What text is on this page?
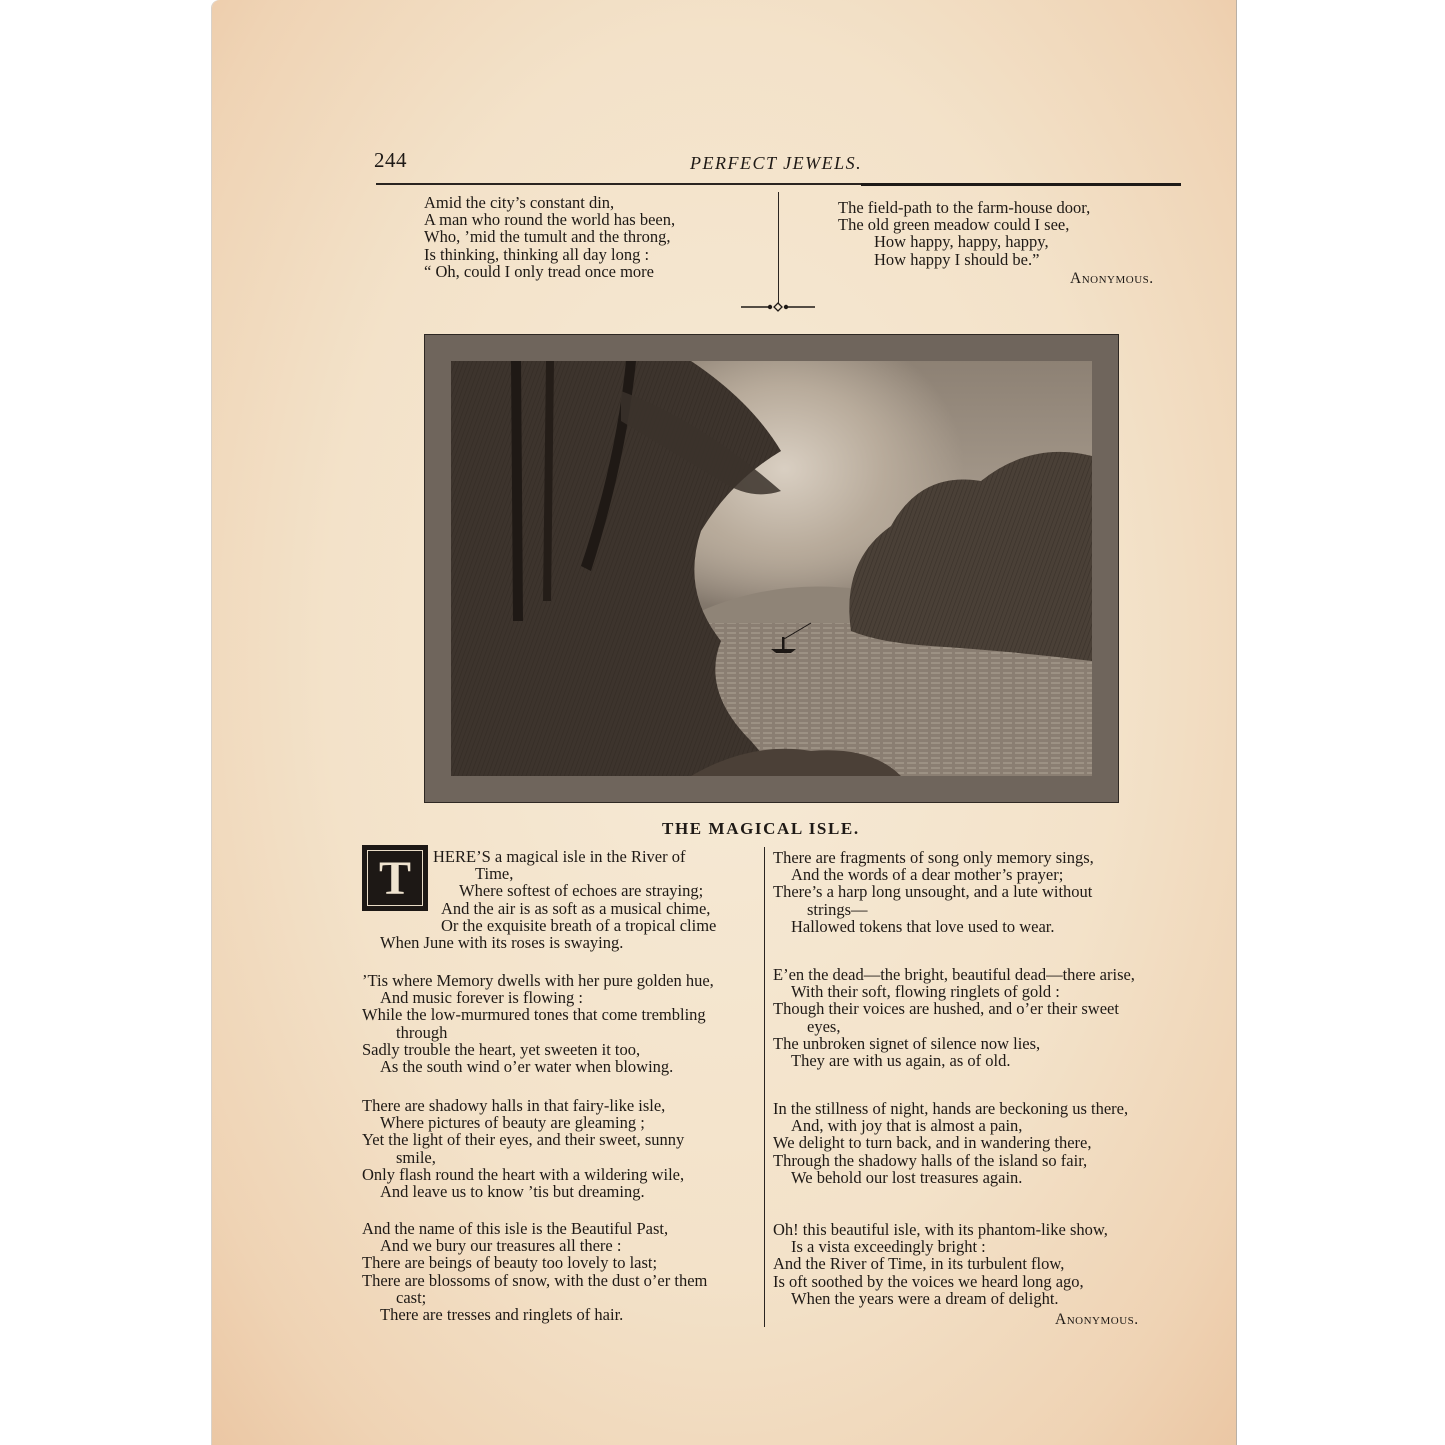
244	PERFECT JEWELS.
Amid the city’s constant din,
A man who round the world has been,
Who, ’mid the tumult and the throng,
Is thinking, thinking all day long :
“ Oh, could I only tread once more
The field-path to the farm-house door,
The old green meadow could I see,
How happy, happy, happy,
How happy I should be.”
Anonymous.
THE MAGICAL ISLE.
T	HERE’S a magical isle in the River of
Time,
Where softest of echoes are straying;
And the air is as soft as a musical chime,
Or the exquisite breath of a tropical clime
When June with its roses is swaying.
’Tis where Memory dwells with her pure golden hue,
And music forever is flowing :
While the low-murmured tones that come trembling
through
Sadly trouble the heart, yet sweeten it too,
As the south wind o’er water when blowing.
There are shadowy halls in that fairy-like isle,
Where pictures of beauty are gleaming ;
Yet the light of their eyes, and their sweet, sunny
smile,
Only flash round the heart with a wildering wile,
And leave us to know ’tis but dreaming.
And the name of this isle is the Beautiful Past,
And we bury our treasures all there :
There are beings of beauty too lovely to last;
There are blossoms of snow, with the dust o’er them
cast;
There are tresses and ringlets of hair.
There are fragments of song only memory sings,
And the words of a dear mother’s prayer;
There’s a harp long unsought, and a lute without
strings—
Hallowed tokens that love used to wear.
E’en the dead—the bright, beautiful dead—there arise,
With their soft, flowing ringlets of gold :
Though their voices are hushed, and o’er their sweet
eyes,
The unbroken signet of silence now lies,
They are with us again, as of old.
In the stillness of night, hands are beckoning us there,
And, with joy that is almost a pain,
We delight to turn back, and in wandering there,
Through the shadowy halls of the island so fair,
We behold our lost treasures again.
Oh! this beautiful isle, with its phantom-like show,
Is a vista exceedingly bright :
And the River of Time, in its turbulent flow,
Is oft soothed by the voices we heard long ago,
When the years were a dream of delight.
Anonymous.
